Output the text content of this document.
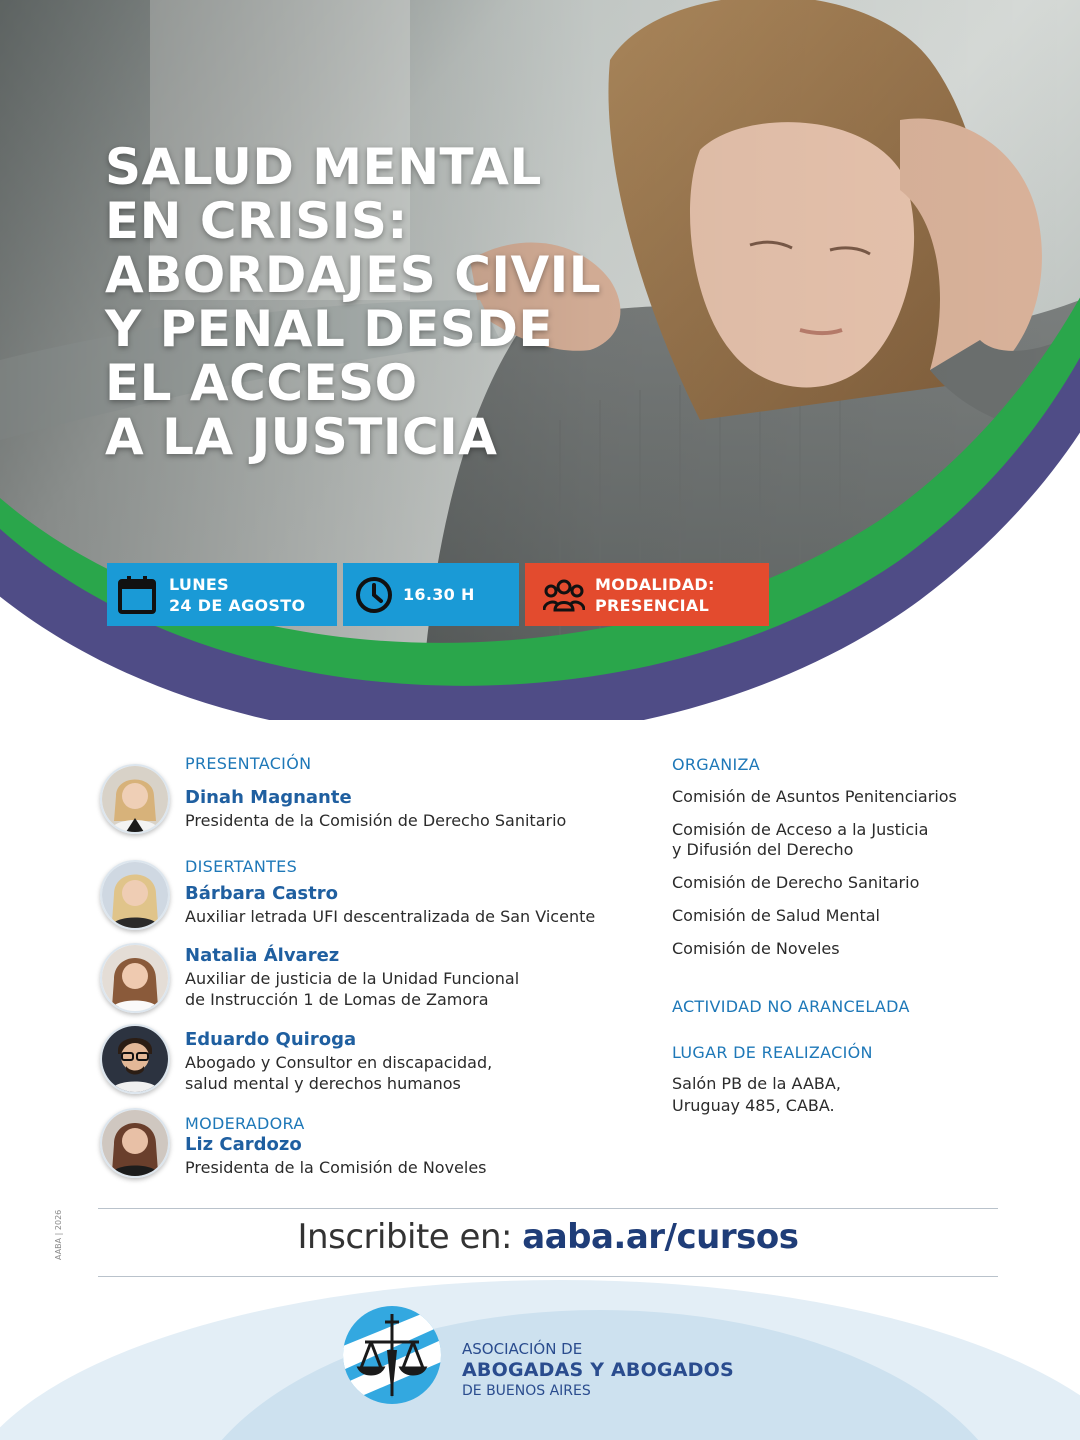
SALUD MENTAL
EN CRISIS:
ABORDAJES CIVIL
Y PENAL DESDE
EL ACCESO
A LA JUSTICIA
LUNES
24 DE AGOSTO
16.30 H
MODALIDAD:
PRESENCIAL
PRESENTACIÓN
Dinah Magnante
Presidenta de la Comisión de Derecho Sanitario
DISERTANTES
Bárbara Castro
Auxiliar letrada UFI descentralizada de San Vicente
Natalia Álvarez
Auxiliar de justicia de la Unidad Funcional
de Instrucción 1 de Lomas de Zamora
Eduardo Quiroga
Abogado y Consultor en discapacidad,
salud mental y derechos humanos
MODERADORA
Liz Cardozo
Presidenta de la Comisión de Noveles
ORGANIZA
Comisión de Asuntos Penitenciarios
Comisión de Acceso a la Justicia
y Difusión del Derecho
Comisión de Derecho Sanitario
Comisión de Salud Mental
Comisión de Noveles
ACTIVIDAD NO ARANCELADA
LUGAR DE REALIZACIÓN
Salón PB de la AABA,
Uruguay 485, CABA.
Inscribite en: aaba.ar/cursos
AABA | 2026
ASOCIACIÓN DE
ABOGADAS Y ABOGADOS
DE BUENOS AIRES
